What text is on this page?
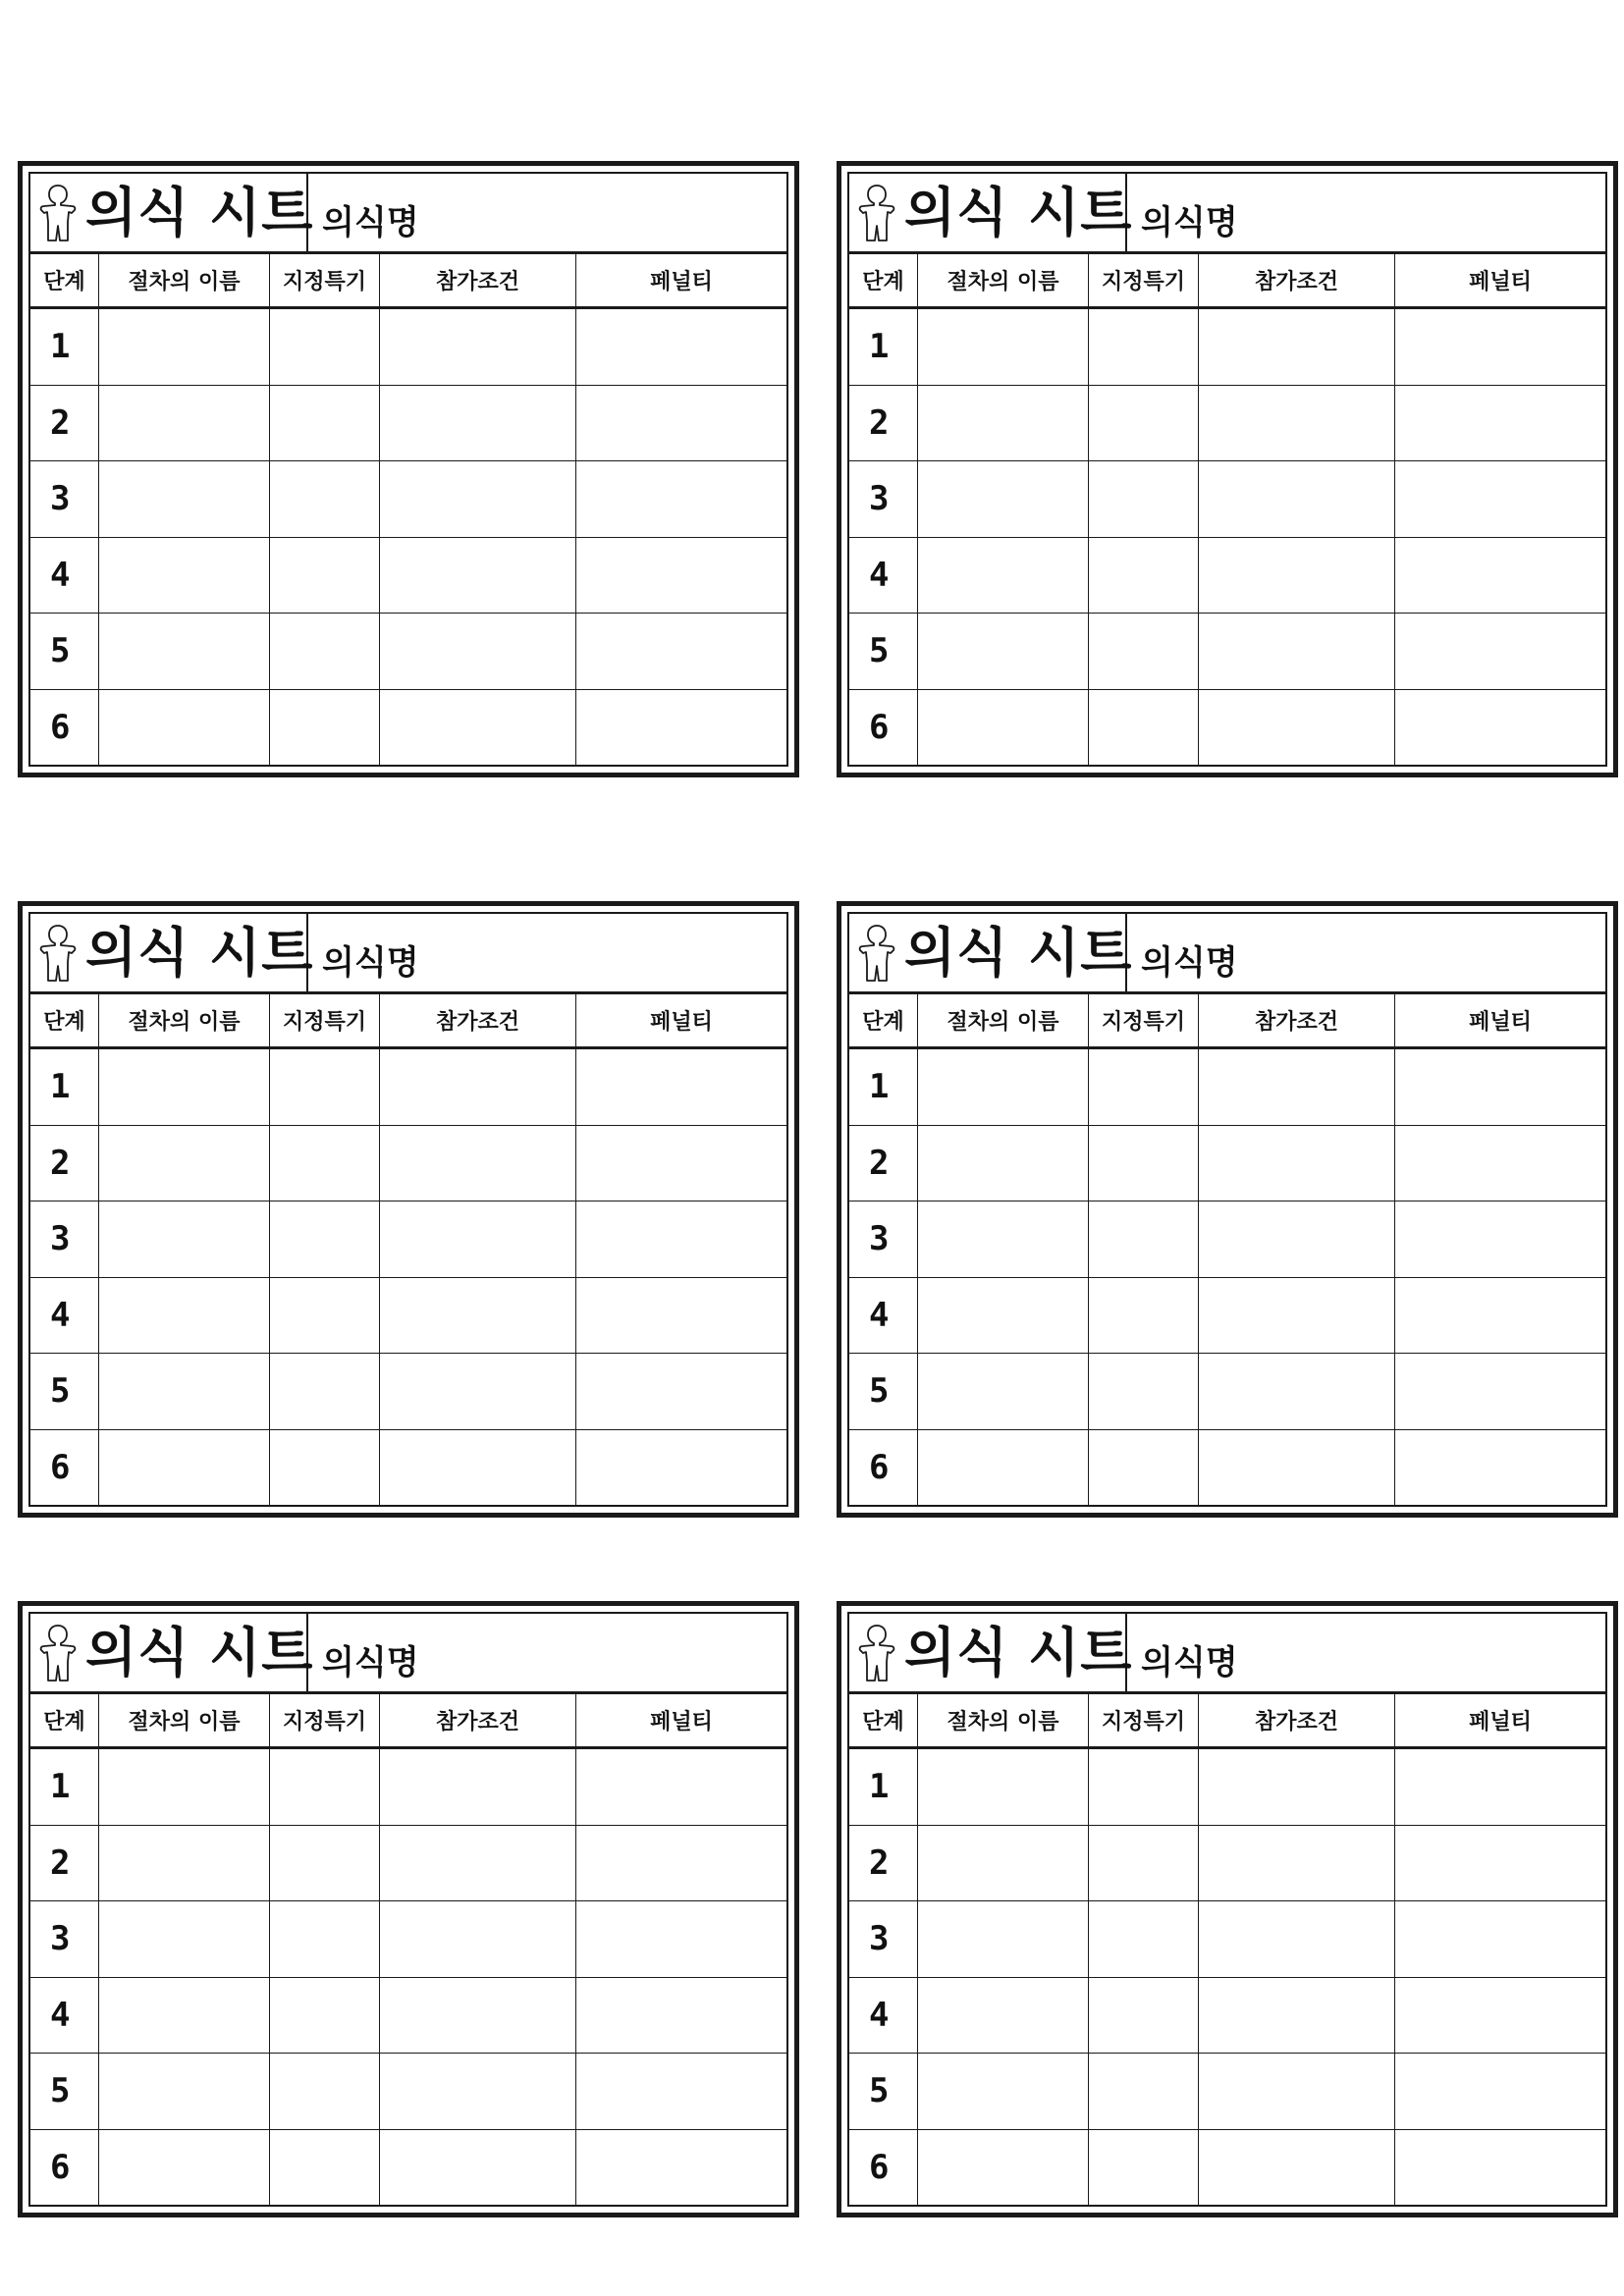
의식 시트 의식명
단계	절차의 이름	지정특기	참가조건	페널티
1
2
3
4
5
6
의식 시트 의식명
단계	절차의 이름	지정특기	참가조건	페널티
1
2
3
4
5
6
의식 시트 의식명
단계	절차의 이름	지정특기	참가조건	페널티
1
2
3
4
5
6
의식 시트 의식명
단계	절차의 이름	지정특기	참가조건	페널티
1
2
3
4
5
6
의식 시트 의식명
단계	절차의 이름	지정특기	참가조건	페널티
1
2
3
4
5
6
의식 시트 의식명
단계	절차의 이름	지정특기	참가조건	페널티
1
2
3
4
5
6
